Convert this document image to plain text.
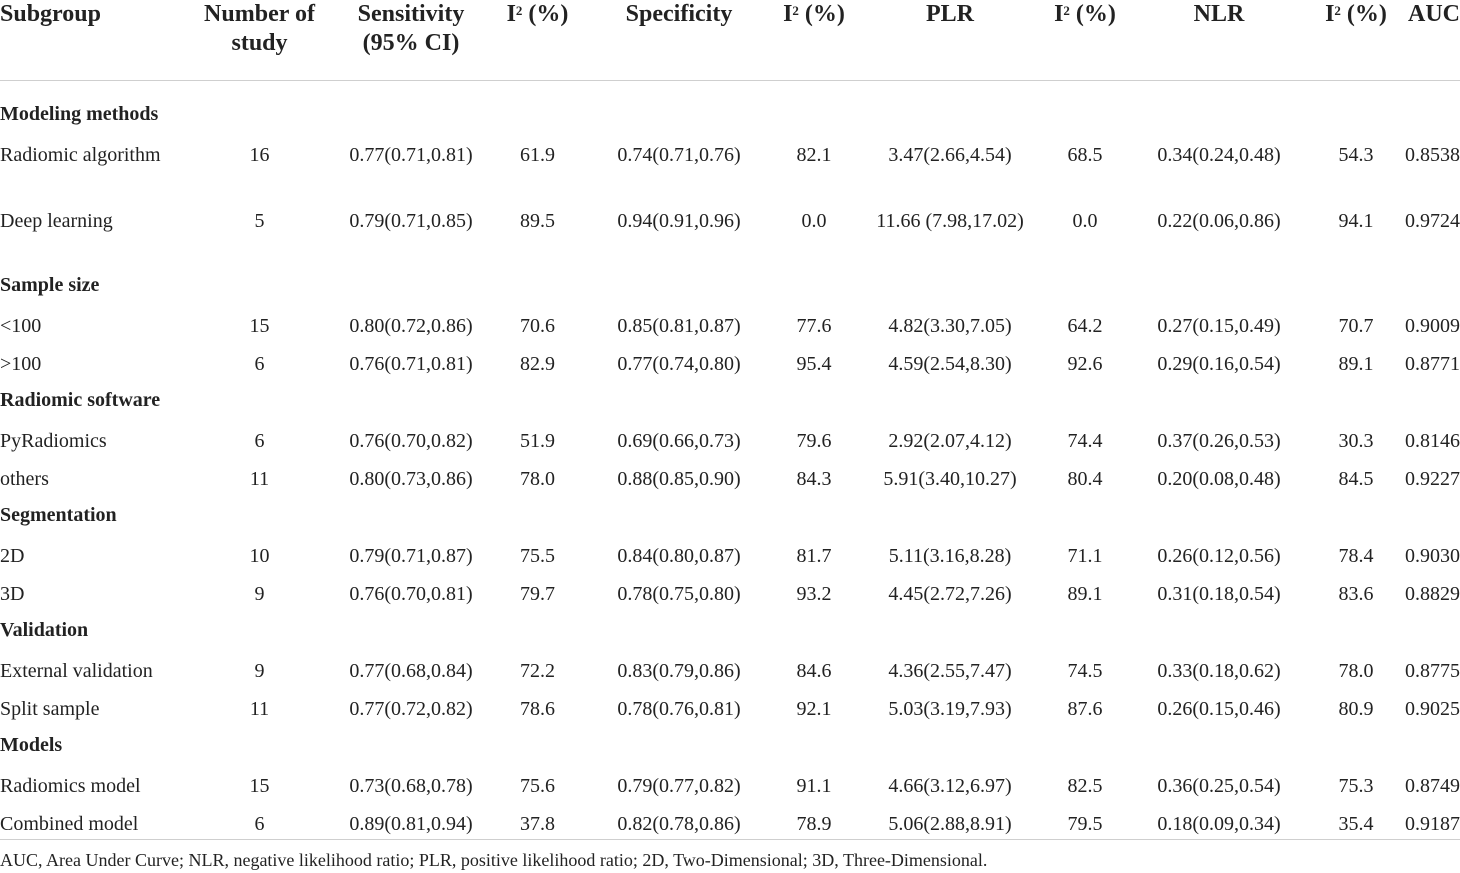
Subgroup	Number of study	Sensitivity (95% CI)	$I^2$ (%)	Specificity	$I^2$ (%)	PLR	$I^2$ (%)	NLR	$I^2$ (%)	AUC

Modeling methods										
Radiomic algorithm	16	0.77(0.71,0.81)	61.9	0.74(0.71,0.76)	82.1	3.47(2.66,4.54)	68.5	0.34(0.24,0.48)	54.3	0.8538
Deep learning	5	0.79(0.71,0.85)	89.5	0.94(0.91,0.96)	0.0	11.66 (7.98,17.02)	0.0	0.22(0.06,0.86)	94.1	0.9724
Sample size										
<100	15	0.80(0.72,0.86)	70.6	0.85(0.81,0.87)	77.6	4.82(3.30,7.05)	64.2	0.27(0.15,0.49)	70.7	0.9009
>100	6	0.76(0.71,0.81)	82.9	0.77(0.74,0.80)	95.4	4.59(2.54,8.30)	92.6	0.29(0.16,0.54)	89.1	0.8771
Radiomic software										
PyRadiomics	6	0.76(0.70,0.82)	51.9	0.69(0.66,0.73)	79.6	2.92(2.07,4.12)	74.4	0.37(0.26,0.53)	30.3	0.8146
others	11	0.80(0.73,0.86)	78.0	0.88(0.85,0.90)	84.3	5.91(3.40,10.27)	80.4	0.20(0.08,0.48)	84.5	0.9227
Segmentation										
2D	10	0.79(0.71,0.87)	75.5	0.84(0.80,0.87)	81.7	5.11(3.16,8.28)	71.1	0.26(0.12,0.56)	78.4	0.9030
3D	9	0.76(0.70,0.81)	79.7	0.78(0.75,0.80)	93.2	4.45(2.72,7.26)	89.1	0.31(0.18,0.54)	83.6	0.8829
Validation										
External validation	9	0.77(0.68,0.84)	72.2	0.83(0.79,0.86)	84.6	4.36(2.55,7.47)	74.5	0.33(0.18,0.62)	78.0	0.8775
Split sample	11	0.77(0.72,0.82)	78.6	0.78(0.76,0.81)	92.1	5.03(3.19,7.93)	87.6	0.26(0.15,0.46)	80.9	0.9025
Models										
Radiomics model	15	0.73(0.68,0.78)	75.6	0.79(0.77,0.82)	91.1	4.66(3.12,6.97)	82.5	0.36(0.25,0.54)	75.3	0.8749
Combined model	6	0.89(0.81,0.94)	37.8	0.82(0.78,0.86)	78.9	5.06(2.88,8.91)	79.5	0.18(0.09,0.34)	35.4	0.9187
AUC, Area Under Curve; NLR, negative likelihood ratio; PLR, positive likelihood ratio; 2D, Two-Dimensional; 3D, Three-Dimensional.
